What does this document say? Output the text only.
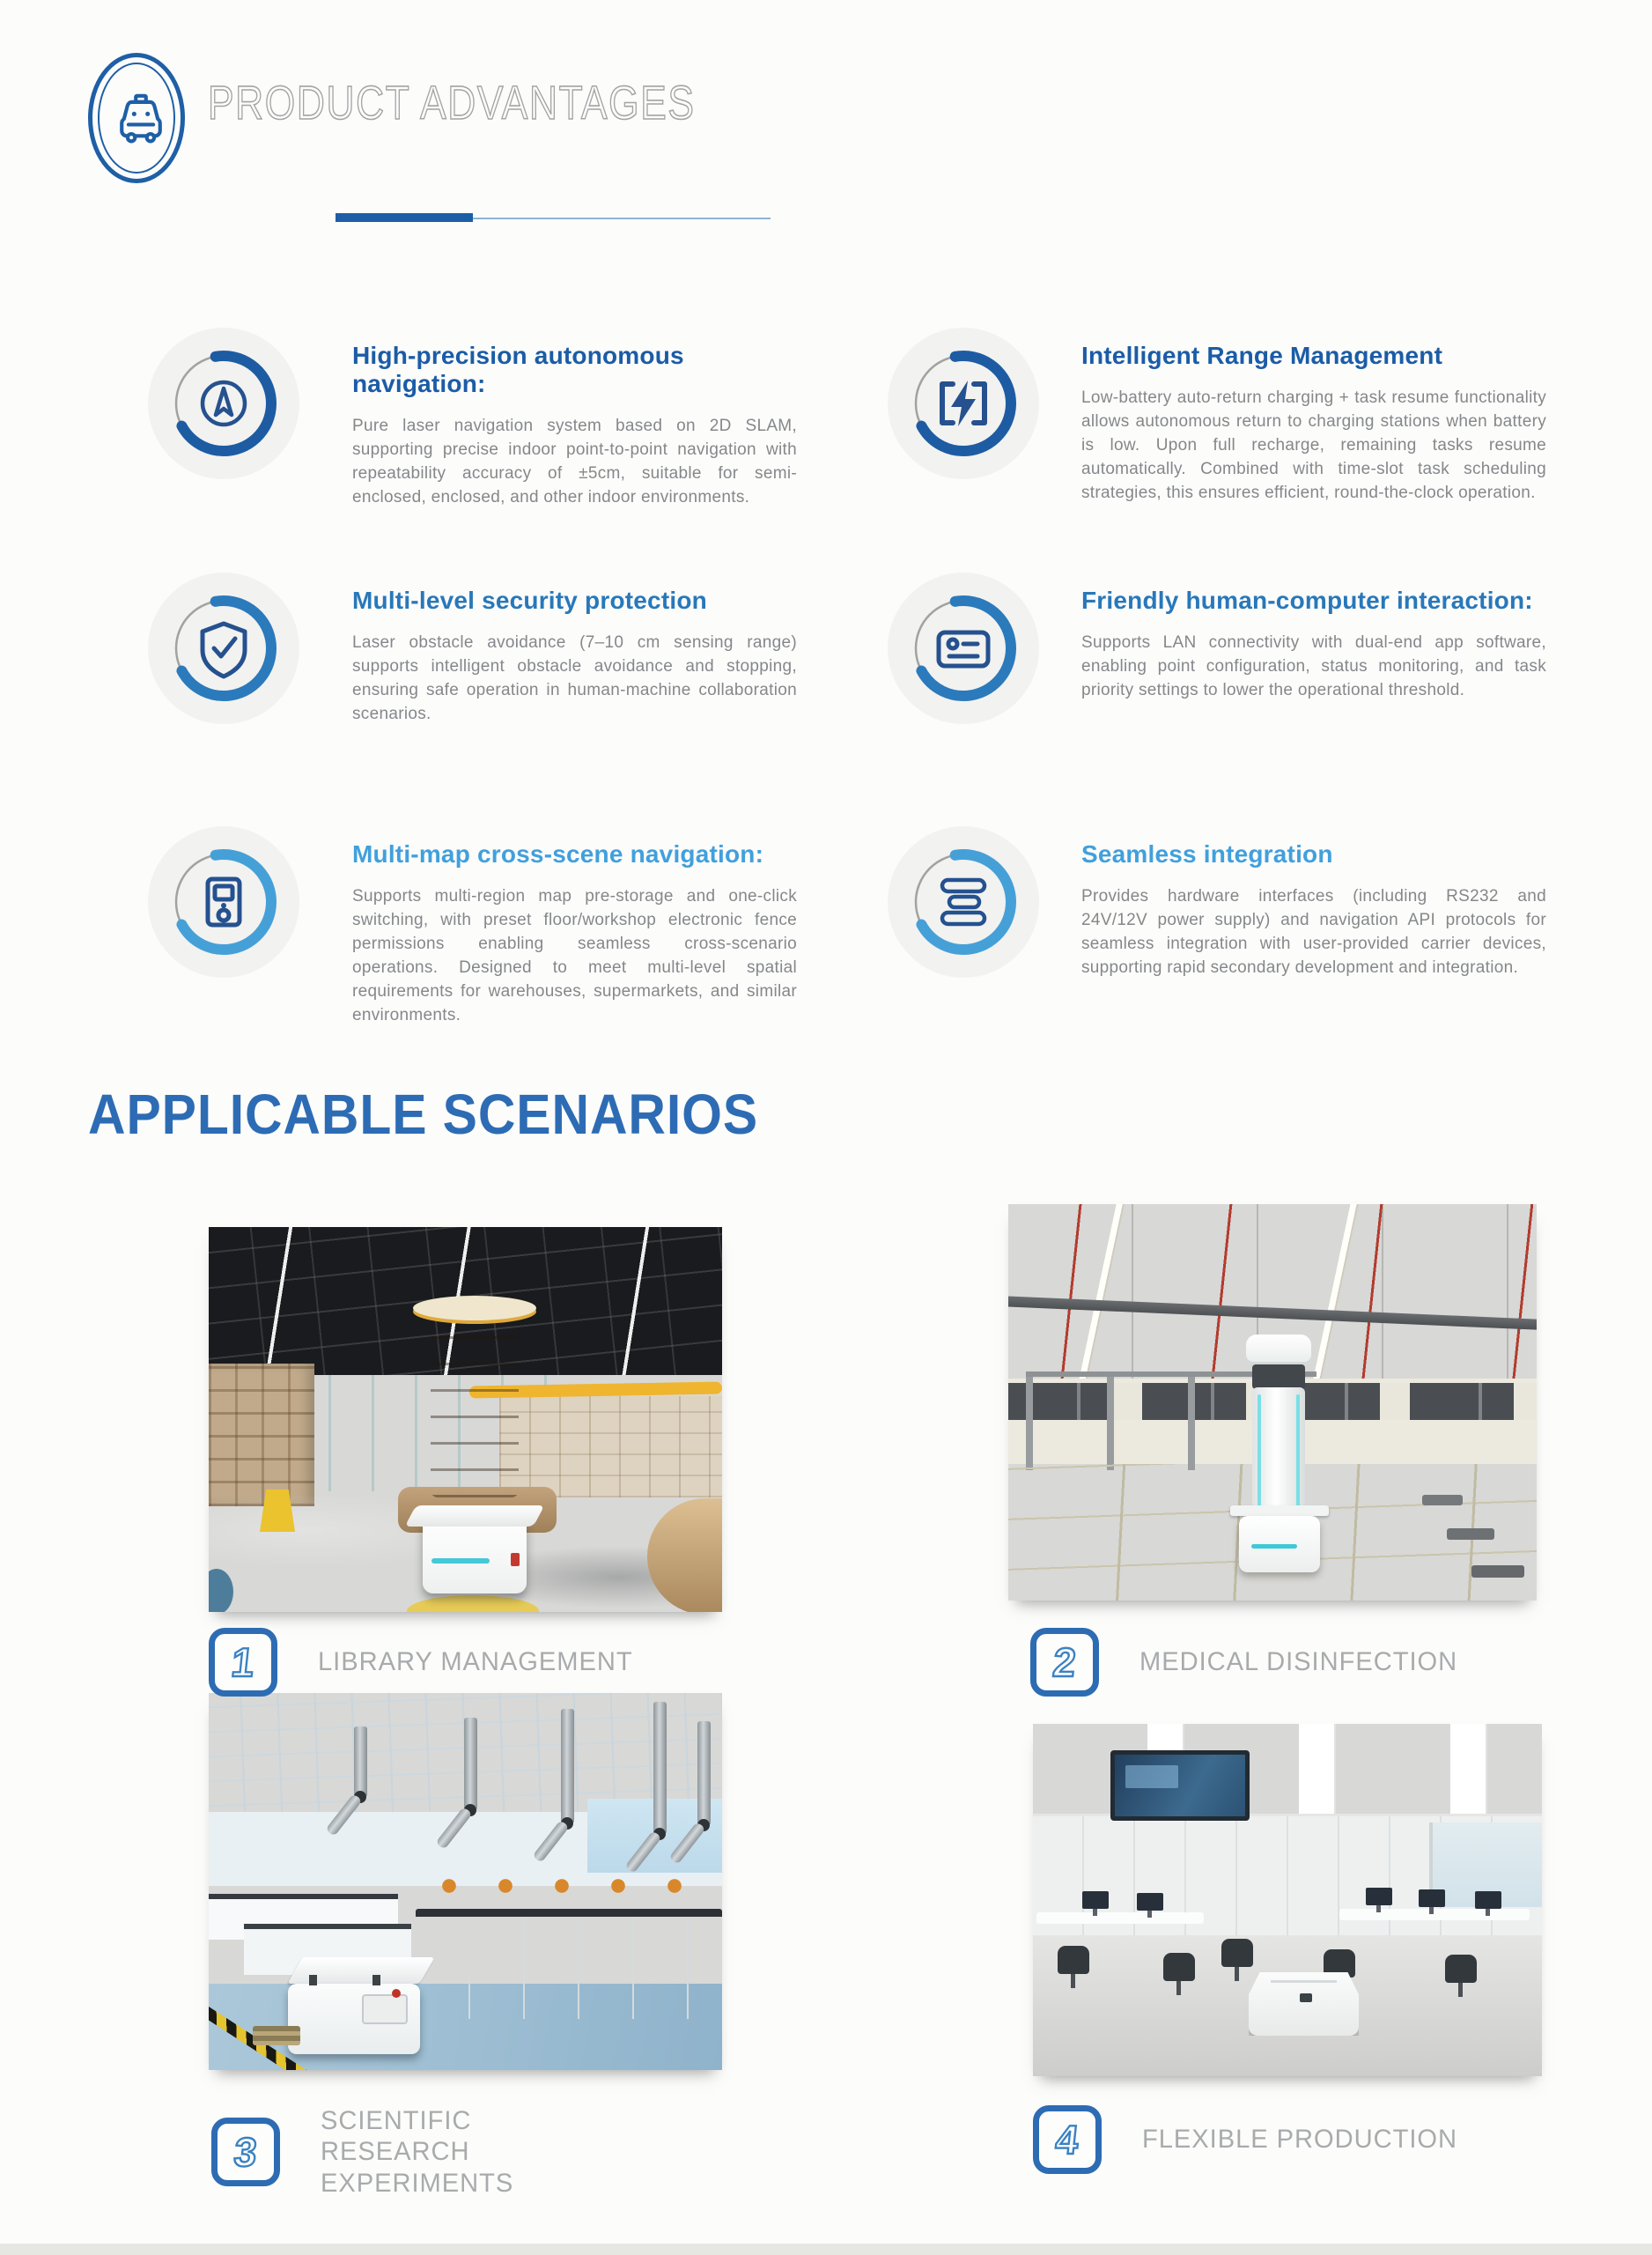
PRODUCT ADVANTAGES
High-precision autonomous navigation:

Pure laser navigation system based on 2D SLAM, supporting precise indoor point-to-point navigation with repeatability accuracy of ±5cm, suitable for semi-enclosed, enclosed, and other indoor environments.

Intelligent Range Management

Low-battery auto-return charging + task resume functionality allows autonomous return to charging stations when battery is low. Upon full recharge, remaining tasks resume automatically. Combined with time-slot task scheduling strategies, this ensures efficient, round-the-clock operation.

Multi-level security protection

Laser obstacle avoidance (7–10 cm sensing range) supports intelligent obstacle avoidance and stopping, ensuring safe operation in human-machine collaboration scenarios.

Friendly human-computer interaction:

Supports LAN connectivity with dual-end app software, enabling point configuration, status monitoring, and task priority settings to lower the operational threshold.

Multi-map cross-scene navigation:

Supports multi-region map pre-storage and one-click switching, with preset floor/workshop electronic fence permissions enabling seamless cross-scenario operations. Designed to meet multi-level spatial requirements for warehouses, supermarkets, and similar environments.

Seamless integration

Provides hardware interfaces (including RS232 and 24V/12V power supply) and navigation API protocols for seamless integration with user-provided carrier devices, supporting rapid secondary development and integration.

APPLICABLE SCENARIOS
1 LIBRARY MANAGEMENT	2 MEDICAL DISINFECTION
3
SCIENTIFIC RESEARCH EXPERIMENTS
4 FLEXIBLE PRODUCTION
